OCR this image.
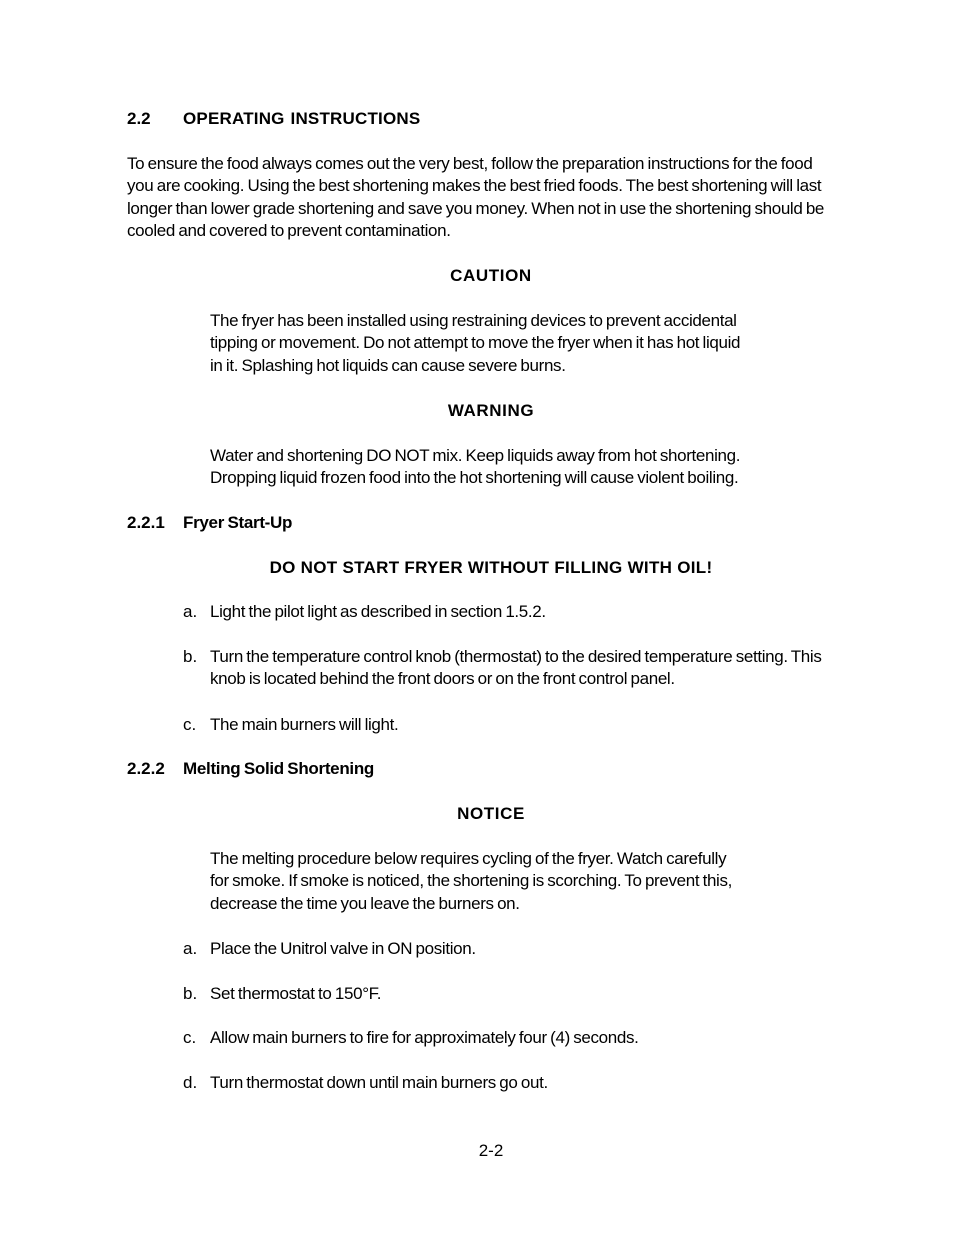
2.2 OPERATING INSTRUCTIONS
To ensure the food always comes out the very best, follow the preparation instructions for the food
you are cooking. Using the best shortening makes the best fried foods. The best shortening will last
longer than lower grade shortening and save you money. When not in use the shortening should be
cooled and covered to prevent contamination.
CAUTION
The fryer has been installed using restraining devices to prevent accidental
tipping or movement. Do not attempt to move the fryer when it has hot liquid
in it. Splashing hot liquids can cause severe burns.
WARNING
Water and shortening DO NOT mix. Keep liquids away from hot shortening.
Dropping liquid frozen food into the hot shortening will cause violent boiling.
2.2.1 Fryer Start-Up
DO NOT START FRYER WITHOUT FILLING WITH OIL!
a. Light the pilot light as described in section 1.5.2.
b. Turn the temperature control knob (thermostat) to the desired temperature setting. This
knob is located behind the front doors or on the front control panel.
c. The main burners will light.
2.2.2 Melting Solid Shortening
NOTICE
The melting procedure below requires cycling of the fryer. Watch carefully
for smoke. If smoke is noticed, the shortening is scorching. To prevent this,
decrease the time you leave the burners on.
a. Place the Unitrol valve in ON position.
b. Set thermostat to 150°F.
c. Allow main burners to fire for approximately four (4) seconds.
d. Turn thermostat down until main burners go out.
2-2
